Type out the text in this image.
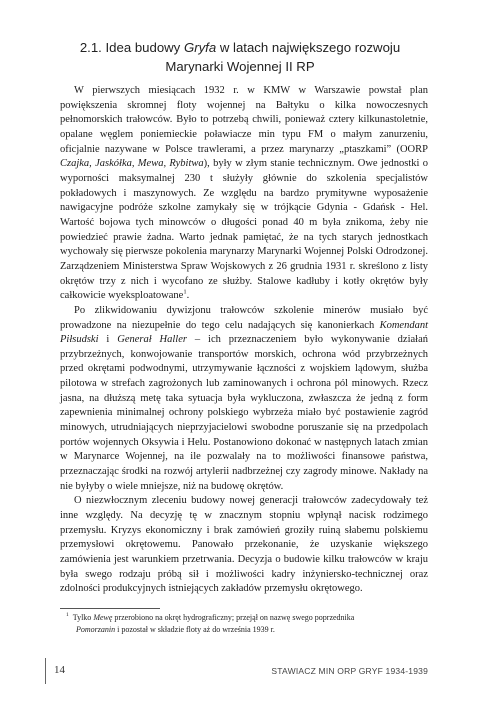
2.1. Idea budowy Gryfa w latach największego rozwoju
Marynarki Wojennej II RP

W pierwszych miesiącach 1932 r. w KMW w Warszawie powstał plan powiększenia skromnej floty wojennej na Bałtyku o kilka nowoczesnych pełnomorskich trałowców. Było to potrzebą chwili, ponieważ cztery kilkunastoletnie, opalane węglem poniemieckie poławiacze min typu FM o małym zanurzeniu, oficjalnie nazywane w Polsce trawlerami, a przez marynarzy „ptaszkami” (OORP Czajka, Jaskółka, Mewa, Rybitwa), były w złym stanie technicznym. Owe jednostki o wyporności maksymalnej 230 t służyły głównie do szkolenia specjalistów pokładowych i maszynowych. Ze względu na bardzo prymitywne wyposażenie nawigacyjne podróże szkolne zamykały się w trójkącie Gdynia - Gdańsk - Hel. Wartość bojowa tych minowców o długości ponad 40 m była znikoma, żeby nie powiedzieć prawie żadna. Warto jednak pamiętać, że na tych starych jednostkach wychowały się pierwsze pokolenia marynarzy Marynarki Wojennej Polski Odrodzonej. Zarządzeniem Ministerstwa Spraw Wojskowych z 26 grudnia 1931 r. skreślono z listy okrętów trzy z nich i wycofano ze służby. Stalowe kadłuby i kotły okrętów były całkowicie wyeksploatowane$^1$.

Po zlikwidowaniu dywizjonu trałowców szkolenie minerów musiało być prowadzone na niezupełnie do tego celu nadających się kanonierkach Komendant Piłsudski i Generał Haller – ich przeznaczeniem było wykonywanie działań przybrzeżnych, konwojowanie transportów morskich, ochrona wód przybrzeżnych przed okrętami podwodnymi, utrzymywanie łączności z wojskiem lądowym, służba pilotowa w strefach zagrożonych lub zaminowanych i ochrona pól minowych. Rzecz jasna, na dłuższą metę taka sytuacja była wykluczona, zwłaszcza że jedną z form zapewnienia minimalnej ochrony polskiego wybrzeża miało być postawienie zagród minowych, utrudniających nieprzyjacielowi swobodne poruszanie się na przedpolach portów wojennych Oksywia i Helu. Postanowiono dokonać w następnych latach zmian w Marynarce Wojennej, na ile pozwalały na to możliwości finansowe państwa, przeznaczając środki na rozwój artylerii nadbrzeżnej czy zagrody minowe. Nakłady na nie byłyby o wiele mniejsze, niż na budowę okrętów.

O niezwłocznym zleceniu budowy nowej generacji trałowców zadecydowały też inne względy. Na decyzję tę w znacznym stopniu wpłynął nacisk rodzimego przemysłu. Kryzys ekonomiczny i brak zamówień groziły ruiną słabemu polskiemu przemysłowi okrętowemu. Panowało przekonanie, że uzyskanie większego zamówienia jest warunkiem przetrwania. Decyzja o budowie kilku trałowców w kraju była swego rodzaju próbą sił i możliwości kadry inżyniersko-technicznej oraz zdolności produkcyjnych istniejących zakładów przemysłu okrętowego.

$^1$ Tylko Mewę przerobiono na okręt hydrograficzny; przejął on nazwę swego poprzednika
Pomorzanin i pozostał w składzie floty aż do września 1939 r.
14	STAWIACZ MIN ORP GRYF 1934-1939
